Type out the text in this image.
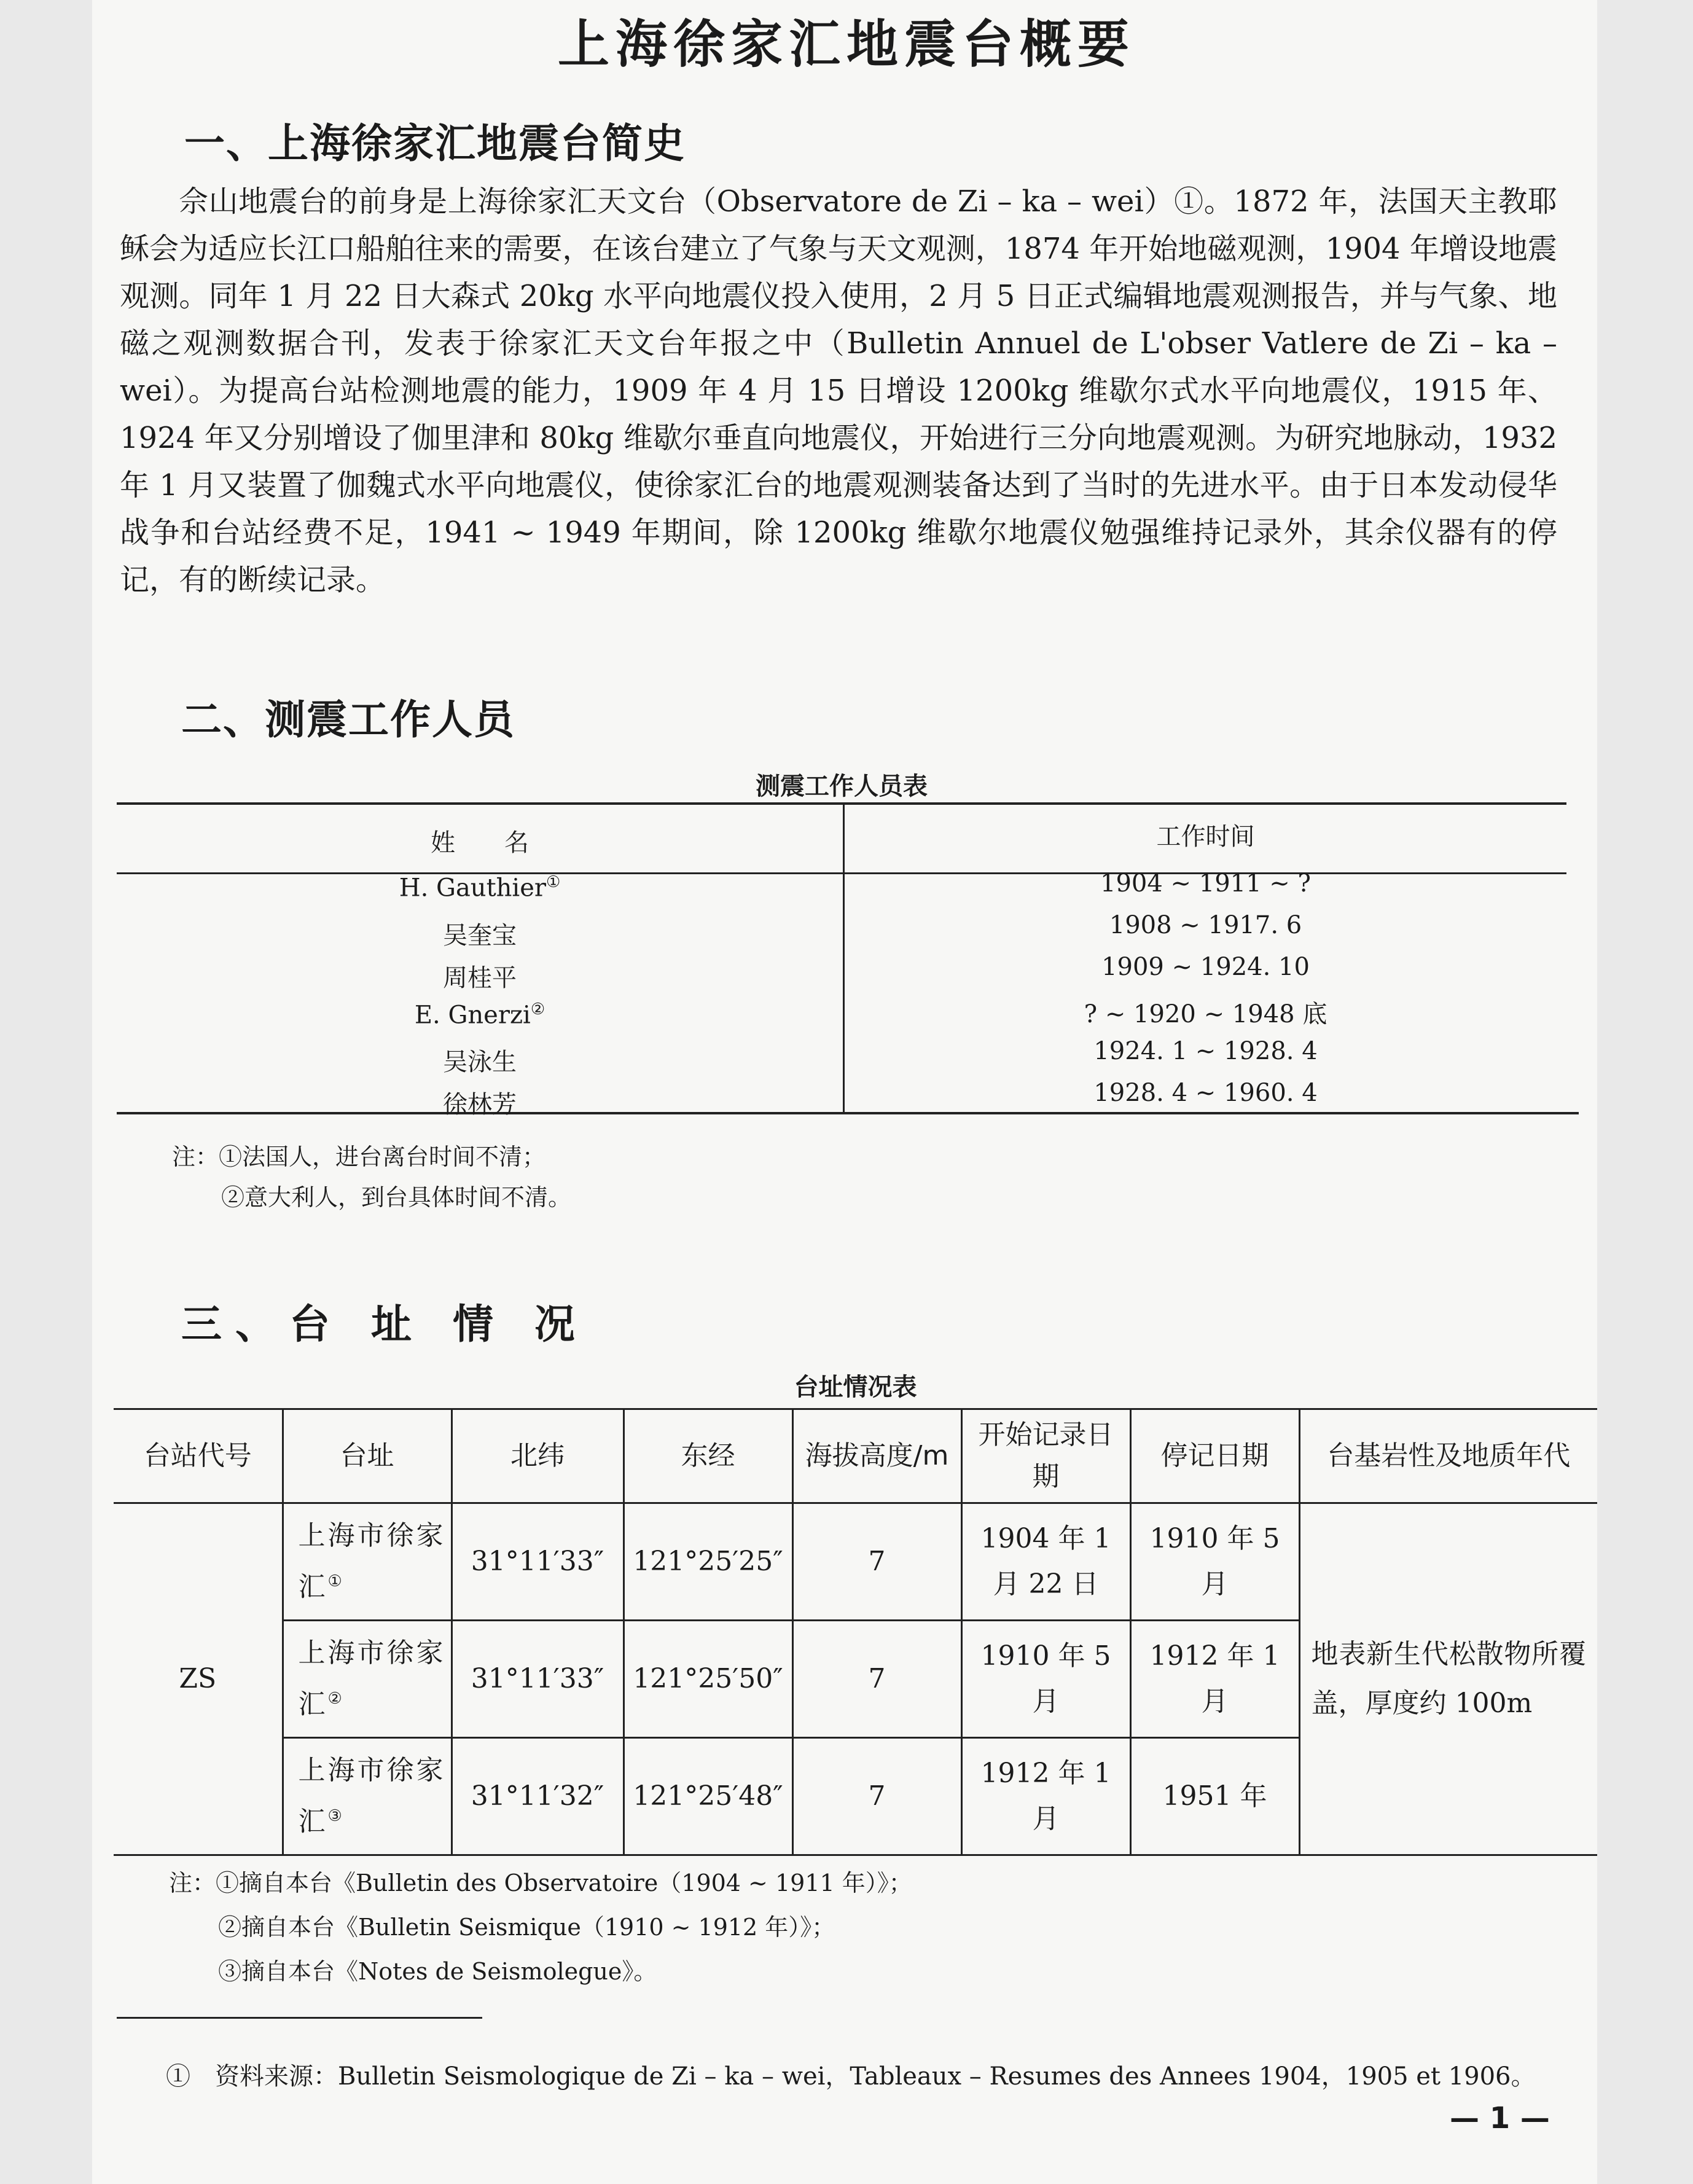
上海徐家汇地震台概要
一、上海徐家汇地震台简史

佘山地震台的前身是上海徐家汇天文台（Observatore de Zi – ka – wei）①。1872 年，法国天主教耶稣会为适应长江口船舶往来的需要，在该台建立了气象与天文观测，1874 年开始地磁观测，1904 年增设地震观测。同年 1 月 22 日大森式 20kg 水平向地震仪投入使用，2 月 5 日正式编辑地震观测报告，并与气象、地磁之观测数据合刊，发表于徐家汇天文台年报之中（Bulletin Annuel de L'obser Vatlere de Zi – ka – wei）。为提高台站检测地震的能力，1909 年 4 月 15 日增设 1200kg 维歇尔式水平向地震仪，1915 年、1924 年又分别增设了伽里津和 80kg 维歇尔垂直向地震仪，开始进行三分向地震观测。为研究地脉动，1932 年 1 月又装置了伽魏式水平向地震仪，使徐家汇台的地震观测装备达到了当时的先进水平。由于日本发动侵华战争和台站经费不足，1941 ~ 1949 年期间，除 1200kg 维歇尔地震仪勉强维持记录外，其余仪器有的停记，有的断续记录。

二、测震工作人员
测震工作人员表
姓　　名	工作时间
H. Gauthier①	1904 ~ 1911 ~ ?
吴奎宝	1908 ~ 1917. 6
周桂平	1909 ~ 1924. 10
E. Gnerzi②	? ~ 1920 ~ 1948 底
吴泳生	1924. 1 ~ 1928. 4
徐林芳	1928. 4 ~ 1960. 4
注：①法国人，进台离台时间不清；
②意大利人，到台具体时间不清。
三、台 址 情 况
台址情况表
台站代号	台址	北纬	东经	海拔高度/m	开始记录日期	停记日期	台基岩性及地质年代
ZS	上海市徐家汇①	31°11′33″	121°25′25″	7	1904 年 1 月 22 日	1910 年 5 月	地表新生代松散物所覆盖，厚度约 100m
	上海市徐家汇②	31°11′33″	121°25′50″	7	1910 年 5 月	1912 年 1 月	
	上海市徐家汇③	31°11′32″	121°25′48″	7	1912 年 1 月	1951 年	
注：①摘自本台《Bulletin des Observatoire（1904 ~ 1911 年）》；
②摘自本台《Bulletin Seismique（1910 ~ 1912 年）》；
③摘自本台《Notes de Seismolegue》。
①　资料来源：Bulletin Seismologique de Zi – ka – wei，Tableaux – Resumes des Annees 1904，1905 et 1906。
— 1 —
